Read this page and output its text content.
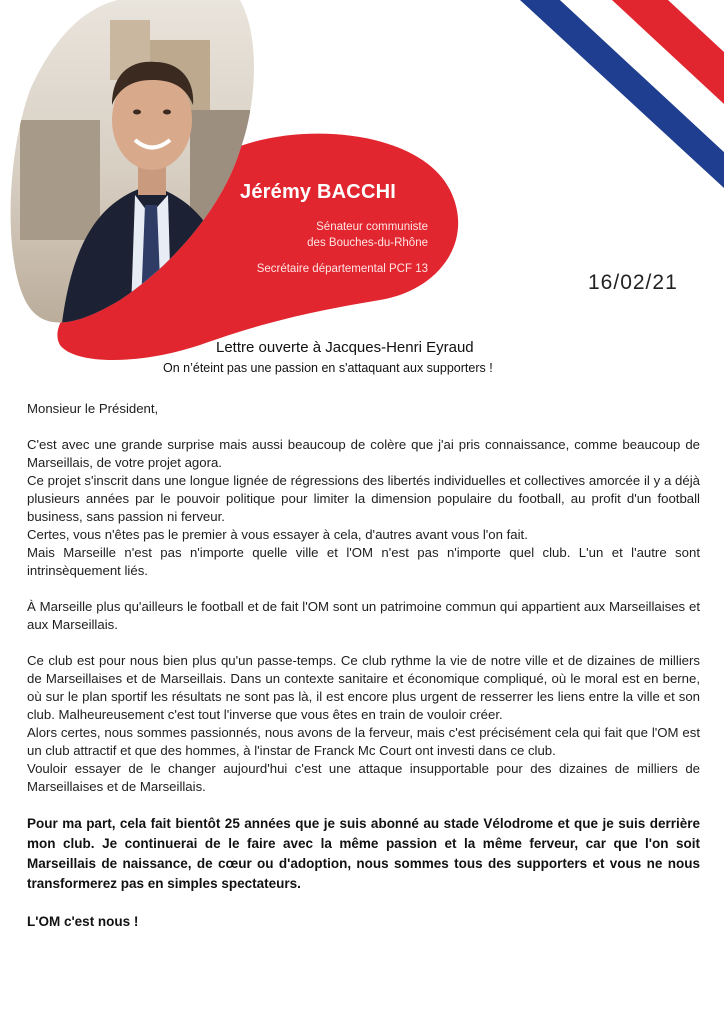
Jérémy BACCHI
Sénateur communiste
des Bouches-du-Rhône
Secrétaire départemental PCF 13
16/02/21
Lettre ouverte à Jacques-Henri Eyraud
On n’éteint pas une passion en s'attaquant aux supporters !

Monsieur le Président,

C'est avec une grande surprise mais aussi beaucoup de colère que j'ai pris connaissance, comme beaucoup de Marseillais, de votre projet agora.
Ce projet s'inscrit dans une longue lignée de régressions des libertés individuelles et collectives amorcée il y a déjà plusieurs années par le pouvoir politique pour limiter la dimension populaire du football, au profit d'un football business, sans passion ni ferveur.
Certes, vous n'êtes pas le premier à vous essayer à cela, d'autres avant vous l'on fait.
Mais Marseille n'est pas n'importe quelle ville et l'OM n'est pas n'importe quel club. L'un et l'autre sont intrinsèquement liés.

À Marseille plus qu'ailleurs le football et de fait l'OM sont un patrimoine commun qui appartient aux Marseillaises et aux Marseillais.

Ce club est pour nous bien plus qu'un passe-temps. Ce club rythme la vie de notre ville et de dizaines de milliers de Marseillaises et de Marseillais. Dans un contexte sanitaire et économique compliqué, où le moral est en berne, où sur le plan sportif les résultats ne sont pas là, il est encore plus urgent de resserrer les liens entre la ville et son club. Malheureusement c'est tout l'inverse que vous êtes en train de vouloir créer.
Alors certes, nous sommes passionnés, nous avons de la ferveur, mais c'est précisément cela qui fait que l'OM est un club attractif et que des hommes, à l'instar de Franck Mc Court ont investi dans ce club.
Vouloir essayer de le changer aujourd'hui c'est une attaque insupportable pour des dizaines de milliers de Marseillaises et de Marseillais.

Pour ma part, cela fait bientôt 25 années que je suis abonné au stade Vélodrome et que je suis derrière mon club. Je continuerai de le faire avec la même passion et la même ferveur, car que l'on soit Marseillais de naissance, de cœur ou d'adoption, nous sommes tous des supporters et vous ne nous transformerez pas en simples spectateurs.

L'OM c'est nous !
